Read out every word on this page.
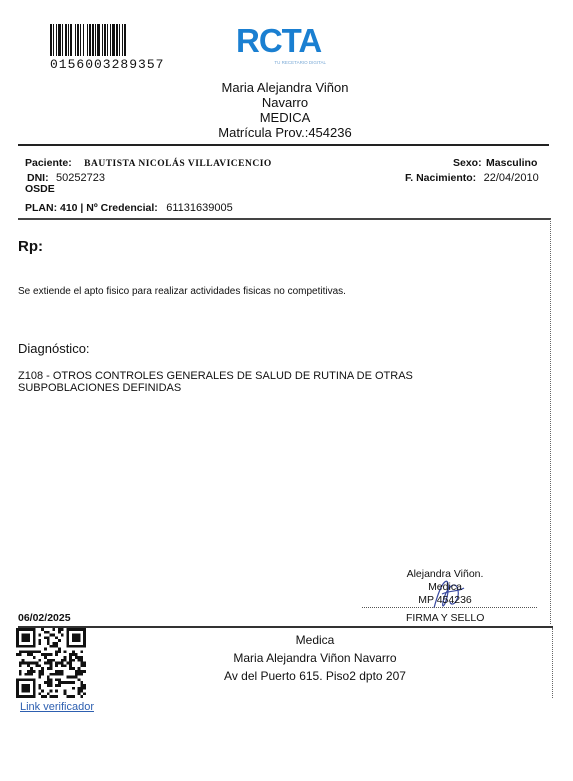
0156003289357
RCTA
TU RECETARIO DIGITAL
Maria Alejandra Viñon
Navarro
MEDICA
Matrícula Prov.:454236
Paciente: BAUTISTA NICOLÁS VILLAVICENCIO
DNI: 50252723
OSDE
PLAN: 410 | Nº Credencial: 61131639005
Sexo: Masculino
F. Nacimiento: 22/04/2010
Rp:
Se extiende el apto fisico para realizar actividades fisicas no competitivas.
Diagnóstico:
Z108 - OTROS CONTROLES GENERALES DE SALUD DE RUTINA DE OTRAS SUBPOBLACIONES DEFINIDAS
Alejandra Viñon.
Medica
MP 454236
FIRMA Y SELLO
06/02/2025
Link verificador
Medica
Maria Alejandra Viñon Navarro
Av del Puerto 615. Piso2 dpto 207
